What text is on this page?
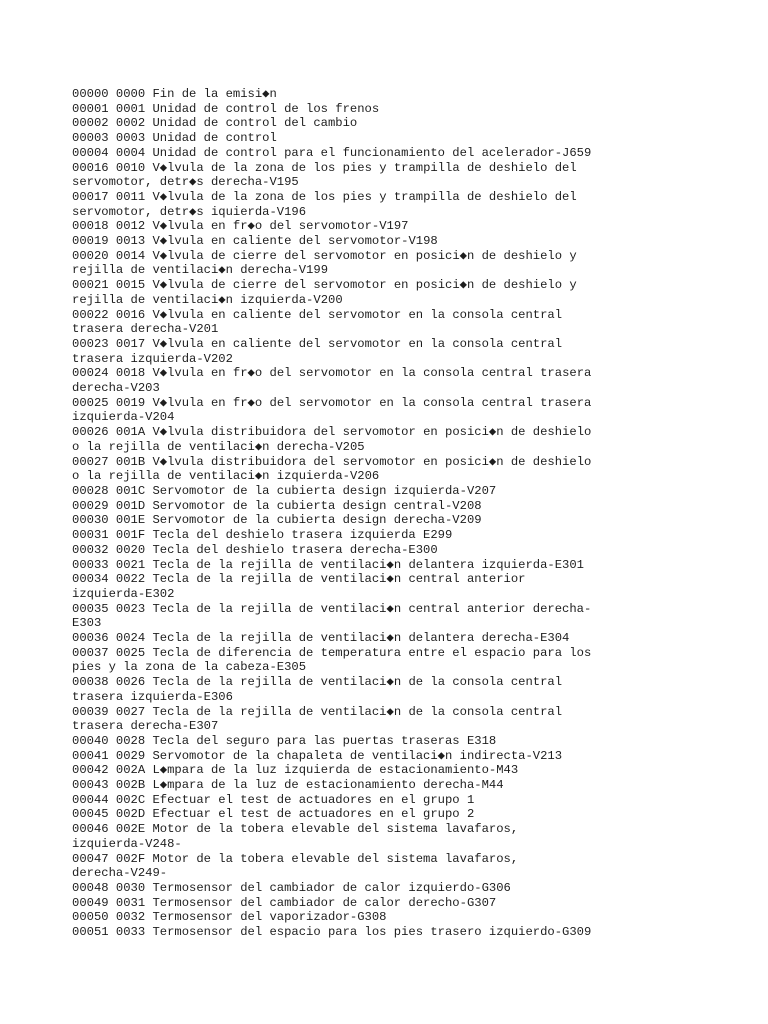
00000 0000 Fin de la emisi◆n
00001 0001 Unidad de control de los frenos
00002 0002 Unidad de control del cambio
00003 0003 Unidad de control
00004 0004 Unidad de control para el funcionamiento del acelerador-J659
00016 0010 V◆lvula de la zona de los pies y trampilla de deshielo del
servomotor, detr◆s derecha-V195
00017 0011 V◆lvula de la zona de los pies y trampilla de deshielo del
servomotor, detr◆s iquierda-V196
00018 0012 V◆lvula en fr◆o del servomotor-V197
00019 0013 V◆lvula en caliente del servomotor-V198
00020 0014 V◆lvula de cierre del servomotor en posici◆n de deshielo y
rejilla de ventilaci◆n derecha-V199
00021 0015 V◆lvula de cierre del servomotor en posici◆n de deshielo y
rejilla de ventilaci◆n izquierda-V200
00022 0016 V◆lvula en caliente del servomotor en la consola central
trasera derecha-V201
00023 0017 V◆lvula en caliente del servomotor en la consola central
trasera izquierda-V202
00024 0018 V◆lvula en fr◆o del servomotor en la consola central trasera
derecha-V203
00025 0019 V◆lvula en fr◆o del servomotor en la consola central trasera
izquierda-V204
00026 001A V◆lvula distribuidora del servomotor en posici◆n de deshielo
o la rejilla de ventilaci◆n derecha-V205
00027 001B V◆lvula distribuidora del servomotor en posici◆n de deshielo
o la rejilla de ventilaci◆n izquierda-V206
00028 001C Servomotor de la cubierta design izquierda-V207
00029 001D Servomotor de la cubierta design central-V208
00030 001E Servomotor de la cubierta design derecha-V209
00031 001F Tecla del deshielo trasera izquierda E299
00032 0020 Tecla del deshielo trasera derecha-E300
00033 0021 Tecla de la rejilla de ventilaci◆n delantera izquierda-E301
00034 0022 Tecla de la rejilla de ventilaci◆n central anterior
izquierda-E302
00035 0023 Tecla de la rejilla de ventilaci◆n central anterior derecha-
E303
00036 0024 Tecla de la rejilla de ventilaci◆n delantera derecha-E304
00037 0025 Tecla de diferencia de temperatura entre el espacio para los
pies y la zona de la cabeza-E305
00038 0026 Tecla de la rejilla de ventilaci◆n de la consola central
trasera izquierda-E306
00039 0027 Tecla de la rejilla de ventilaci◆n de la consola central
trasera derecha-E307
00040 0028 Tecla del seguro para las puertas traseras E318
00041 0029 Servomotor de la chapaleta de ventilaci◆n indirecta-V213
00042 002A L◆mpara de la luz izquierda de estacionamiento-M43
00043 002B L◆mpara de la luz de estacionamiento derecha-M44
00044 002C Efectuar el test de actuadores en el grupo 1
00045 002D Efectuar el test de actuadores en el grupo 2
00046 002E Motor de la tobera elevable del sistema lavafaros,
izquierda-V248-
00047 002F Motor de la tobera elevable del sistema lavafaros,
derecha-V249-
00048 0030 Termosensor del cambiador de calor izquierdo-G306
00049 0031 Termosensor del cambiador de calor derecho-G307
00050 0032 Termosensor del vaporizador-G308
00051 0033 Termosensor del espacio para los pies trasero izquierdo-G309
